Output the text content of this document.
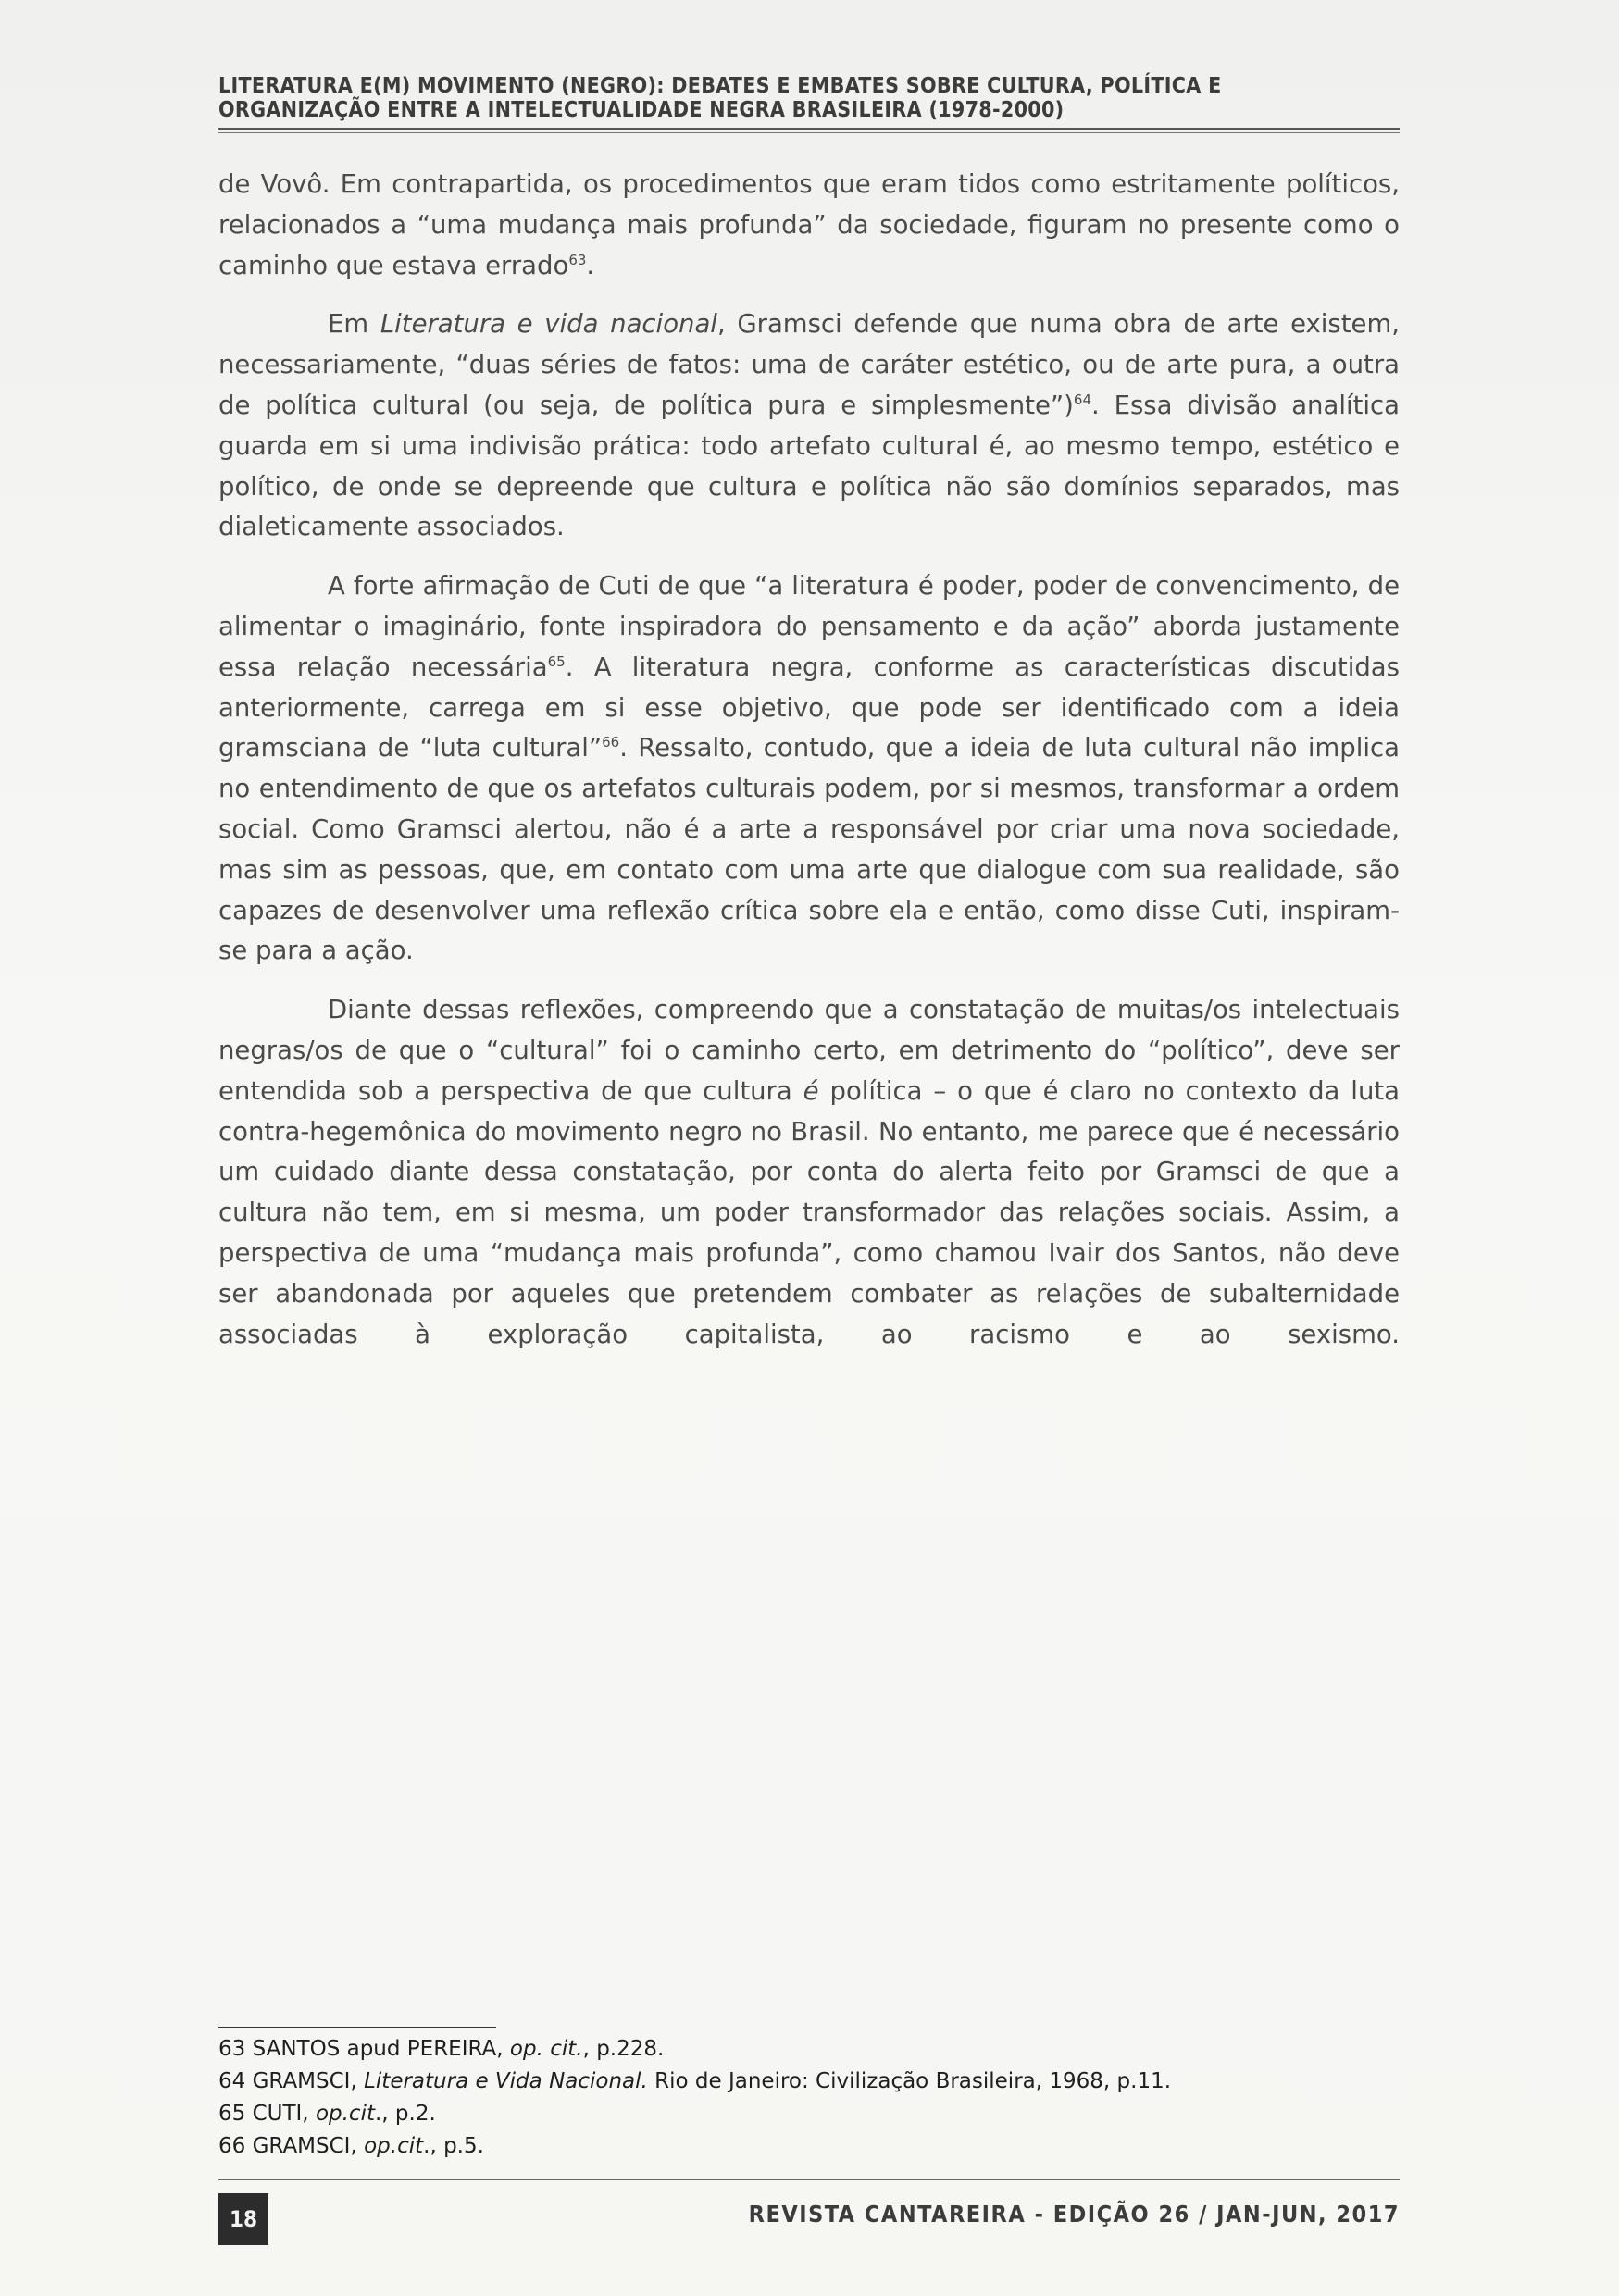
LITERATURA E(M) MOVIMENTO (NEGRO): DEBATES E EMBATES SOBRE CULTURA, POLÍTICA E

ORGANIZAÇÃO ENTRE A INTELECTUALIDADE NEGRA BRASILEIRA (1978-2000)

de Vovô. Em contrapartida, os procedimentos que eram tidos como estritamente políticos, relacionados a “uma mudança mais profunda” da sociedade, figuram no presente como o caminho que estava errado$^{63}$.

Em Literatura e vida nacional, Gramsci defende que numa obra de arte existem, necessariamente, “duas séries de fatos: uma de caráter estético, ou de arte pura, a outra de política cultural (ou seja, de política pura e simplesmente”)$^{64}$. Essa divisão analítica guarda em si uma indivisão prática: todo artefato cultural é, ao mesmo tempo, estético e político, de onde se depreende que cultura e política não são domínios separados, mas dialeticamente associados.

A forte afirmação de Cuti de que “a literatura é poder, poder de convencimento, de alimentar o imaginário, fonte inspiradora do pensamento e da ação” aborda justamente essa relação necessária$^{65}$. A literatura negra, conforme as características discutidas anteriormente, carrega em si esse objetivo, que pode ser identificado com a ideia gramsciana de “luta cultural”$^{66}$. Ressalto, contudo, que a ideia de luta cultural não implica no entendimento de que os artefatos culturais podem, por si mesmos, transformar a ordem social. Como Gramsci alertou, não é a arte a responsável por criar uma nova sociedade, mas sim as pessoas, que, em contato com uma arte que dialogue com sua realidade, são capazes de desenvolver uma reflexão crítica sobre ela e então, como disse Cuti, inspiram-se para a ação.

Diante dessas reflexões, compreendo que a constatação de muitas/os intelectuais negras/os de que o “cultural” foi o caminho certo, em detrimento do “político”, deve ser entendida sob a perspectiva de que cultura é política – o que é claro no contexto da luta contra-hegemônica do movimento negro no Brasil. No entanto, me parece que é necessário um cuidado diante dessa constatação, por conta do alerta feito por Gramsci de que a cultura não tem, em si mesma, um poder transformador das relações sociais. Assim, a perspectiva de uma “mudança mais profunda”, como chamou Ivair dos Santos, não deve ser abandonada por aqueles que pretendem combater as relações de subalternidade associadas à exploração capitalista, ao racismo e ao sexismo.

63 SANTOS apud PEREIRA, op. cit., p.228.

64 GRAMSCI, Literatura e Vida Nacional. Rio de Janeiro: Civilização Brasileira, 1968, p.11.

65 CUTI, op.cit., p.2.

66 GRAMSCI, op.cit., p.5.

18	REVISTA CANTAREIRA - EDIÇÃO 26 / JAN-JUN, 2017
